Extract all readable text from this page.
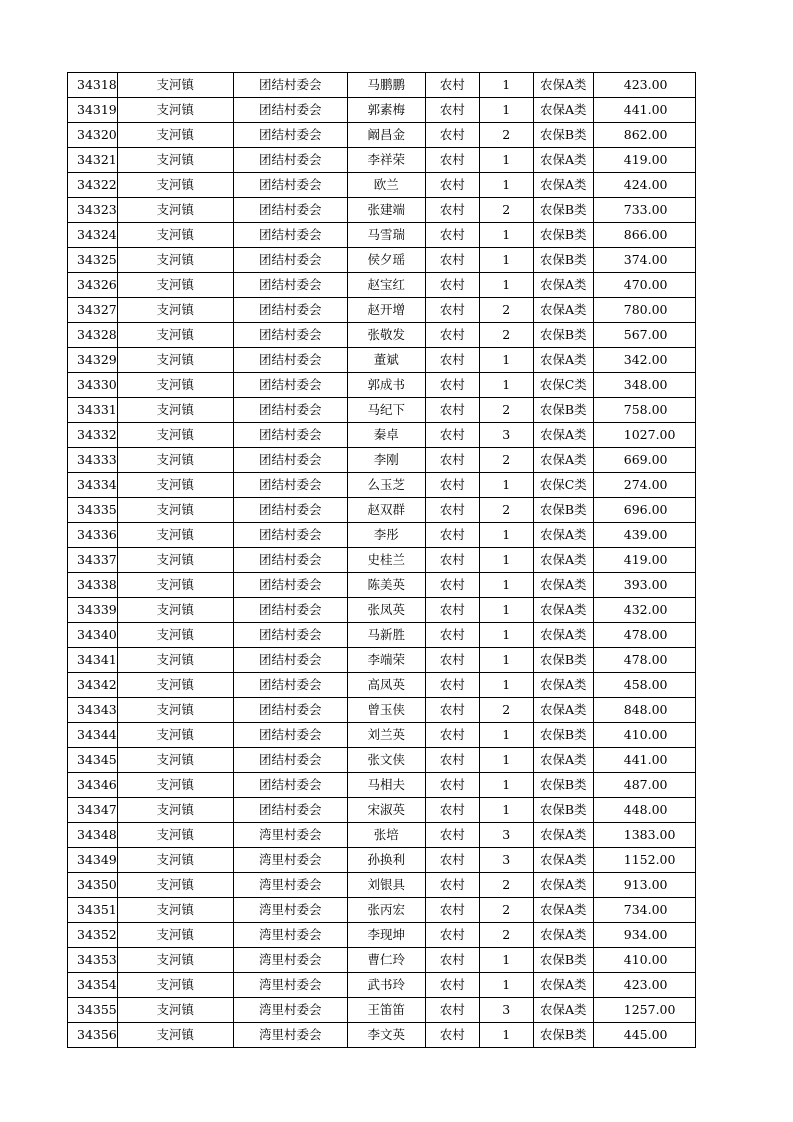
34318	支河镇	团结村委会	马鹏鹏	农村	1	农保A类	423.00
34319	支河镇	团结村委会	郭素梅	农村	1	农保A类	441.00
34320	支河镇	团结村委会	阚昌金	农村	2	农保B类	862.00
34321	支河镇	团结村委会	李祥荣	农村	1	农保A类	419.00
34322	支河镇	团结村委会	欧兰	农村	1	农保A类	424.00
34323	支河镇	团结村委会	张建端	农村	2	农保B类	733.00
34324	支河镇	团结村委会	马雪瑞	农村	1	农保B类	866.00
34325	支河镇	团结村委会	侯夕瑶	农村	1	农保B类	374.00
34326	支河镇	团结村委会	赵宝红	农村	1	农保A类	470.00
34327	支河镇	团结村委会	赵开增	农村	2	农保A类	780.00
34328	支河镇	团结村委会	张敬发	农村	2	农保B类	567.00
34329	支河镇	团结村委会	董斌	农村	1	农保A类	342.00
34330	支河镇	团结村委会	郭成书	农村	1	农保C类	348.00
34331	支河镇	团结村委会	马纪下	农村	2	农保B类	758.00
34332	支河镇	团结村委会	秦卓	农村	3	农保A类	1027.00
34333	支河镇	团结村委会	李刚	农村	2	农保A类	669.00
34334	支河镇	团结村委会	么玉芝	农村	1	农保C类	274.00
34335	支河镇	团结村委会	赵双群	农村	2	农保B类	696.00
34336	支河镇	团结村委会	李彤	农村	1	农保A类	439.00
34337	支河镇	团结村委会	史桂兰	农村	1	农保A类	419.00
34338	支河镇	团结村委会	陈美英	农村	1	农保A类	393.00
34339	支河镇	团结村委会	张凤英	农村	1	农保A类	432.00
34340	支河镇	团结村委会	马新胜	农村	1	农保A类	478.00
34341	支河镇	团结村委会	李端荣	农村	1	农保B类	478.00
34342	支河镇	团结村委会	高凤英	农村	1	农保A类	458.00
34343	支河镇	团结村委会	曾玉侠	农村	2	农保A类	848.00
34344	支河镇	团结村委会	刘兰英	农村	1	农保B类	410.00
34345	支河镇	团结村委会	张文侠	农村	1	农保A类	441.00
34346	支河镇	团结村委会	马相夫	农村	1	农保B类	487.00
34347	支河镇	团结村委会	宋淑英	农村	1	农保B类	448.00
34348	支河镇	湾里村委会	张培	农村	3	农保A类	1383.00
34349	支河镇	湾里村委会	孙换利	农村	3	农保A类	1152.00
34350	支河镇	湾里村委会	刘银具	农村	2	农保A类	913.00
34351	支河镇	湾里村委会	张丙宏	农村	2	农保A类	734.00
34352	支河镇	湾里村委会	李现坤	农村	2	农保A类	934.00
34353	支河镇	湾里村委会	曹仁玲	农村	1	农保B类	410.00
34354	支河镇	湾里村委会	武书玲	农村	1	农保A类	423.00
34355	支河镇	湾里村委会	王笛笛	农村	3	农保A类	1257.00
34356	支河镇	湾里村委会	李文英	农村	1	农保B类	445.00
